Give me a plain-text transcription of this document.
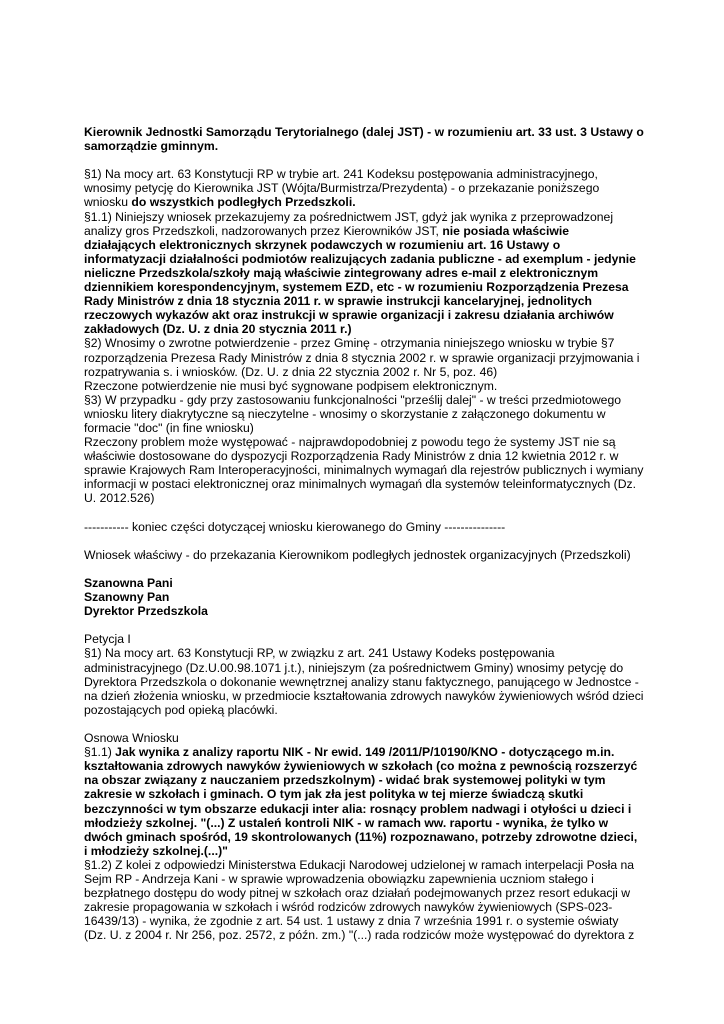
Kierownik Jednostki Samorządu Terytorialnego (dalej JST) - w rozumieniu art. 33 ust. 3 Ustawy o samorządzie gminnym.

§1) Na mocy art. 63 Konstytucji RP w trybie art. 241 Kodeksu postępowania administracyjnego, wnosimy petycję do Kierownika JST (Wójta/Burmistrza/Prezydenta) - o przekazanie poniższego wniosku do wszystkich podległych Przedszkoli.

§1.1) Niniejszy wniosek przekazujemy za pośrednictwem JST, gdyż jak wynika z przeprowadzonej analizy gros Przedszkoli, nadzorowanych przez Kierowników JST, nie posiada właściwie działających elektronicznych skrzynek podawczych w rozumieniu art. 16 Ustawy o informatyzacji działalności podmiotów realizujących zadania publiczne - ad exemplum - jedynie nieliczne Przedszkola/szkoły mają właściwie zintegrowany adres e-mail z elektronicznym dziennikiem korespondencyjnym, systemem EZD, etc - w rozumieniu Rozporządzenia Prezesa Rady Ministrów z dnia 18 stycznia 2011 r. w sprawie instrukcji kancelaryjnej, jednolitych rzeczowych wykazów akt oraz instrukcji w sprawie organizacji i zakresu działania archiwów zakładowych (Dz. U. z dnia 20 stycznia 2011 r.)

§2) Wnosimy o zwrotne potwierdzenie - przez Gminę - otrzymania niniejszego wniosku w trybie §7 rozporządzenia Prezesa Rady Ministrów z dnia 8 stycznia 2002 r. w sprawie organizacji przyjmowania i rozpatrywania s. i wniosków. (Dz. U. z dnia 22 stycznia 2002 r. Nr 5, poz. 46)

Rzeczone potwierdzenie nie musi być sygnowane podpisem elektronicznym.

§3) W przypadku - gdy przy zastosowaniu funkcjonalności "prześlij dalej" - w treści przedmiotowego wniosku litery diakrytyczne są nieczytelne - wnosimy o skorzystanie z załączonego dokumentu w formacie "doc" (in fine wniosku)

Rzeczony problem może występować - najprawdopodobniej z powodu tego że systemy JST nie są właściwie dostosowane do dyspozycji Rozporządzenia Rady Ministrów z dnia 12 kwietnia 2012 r. w sprawie Krajowych Ram Interoperacyjności, minimalnych wymagań dla rejestrów publicznych i wymiany informacji w postaci elektronicznej oraz minimalnych wymagań dla systemów teleinformatycznych (Dz. U. 2012.526)

----------- koniec części dotyczącej wniosku kierowanego do Gminy ---------------

Wniosek właściwy - do przekazania Kierownikom podległych jednostek organizacyjnych (Przedszkoli)

Szanowna Pani

Szanowny Pan

Dyrektor Przedszkola

Petycja I

§1) Na mocy art. 63 Konstytucji RP, w związku z art. 241 Ustawy Kodeks postępowania administracyjnego (Dz.U.00.98.1071 j.t.), niniejszym (za pośrednictwem Gminy) wnosimy petycję do Dyrektora Przedszkola o dokonanie wewnętrznej analizy stanu faktycznego, panującego w Jednostce - na dzień złożenia wniosku, w przedmiocie kształtowania zdrowych nawyków żywieniowych wśród dzieci pozostających pod opieką placówki.

Osnowa Wniosku

§1.1) Jak wynika z analizy raportu NIK - Nr ewid. 149 /2011/P/10190/KNO - dotyczącego m.in. kształtowania zdrowych nawyków żywieniowych w szkołach (co można z pewnością rozszerzyć na obszar związany z nauczaniem przedszkolnym) - widać brak systemowej polityki w tym zakresie w szkołach i gminach. O tym jak zła jest polityka w tej mierze świadczą skutki bezczynności w tym obszarze edukacji inter alia: rosnący problem nadwagi i otyłości u dzieci i młodzieży szkolnej. "(...) Z ustaleń kontroli NIK - w ramach ww. raportu - wynika, że tylko w dwóch gminach spośród, 19 skontrolowanych (11%) rozpoznawano, potrzeby zdrowotne dzieci, i młodzieży szkolnej.(...)"

§1.2) Z kolei z odpowiedzi Ministerstwa Edukacji Narodowej udzielonej w ramach interpelacji Posła na Sejm RP - Andrzeja Kani - w sprawie wprowadzenia obowiązku zapewnienia uczniom stałego i bezpłatnego dostępu do wody pitnej w szkołach oraz działań podejmowanych przez resort edukacji w zakresie propagowania w szkołach i wśród rodziców zdrowych nawyków żywieniowych (SPS-023-16439/13) - wynika, że zgodnie z art. 54 ust. 1 ustawy z dnia 7 września 1991 r. o systemie oświaty (Dz. U. z 2004 r. Nr 256, poz. 2572, z późn. zm.) "(...) rada rodziców może występować do dyrektora z
